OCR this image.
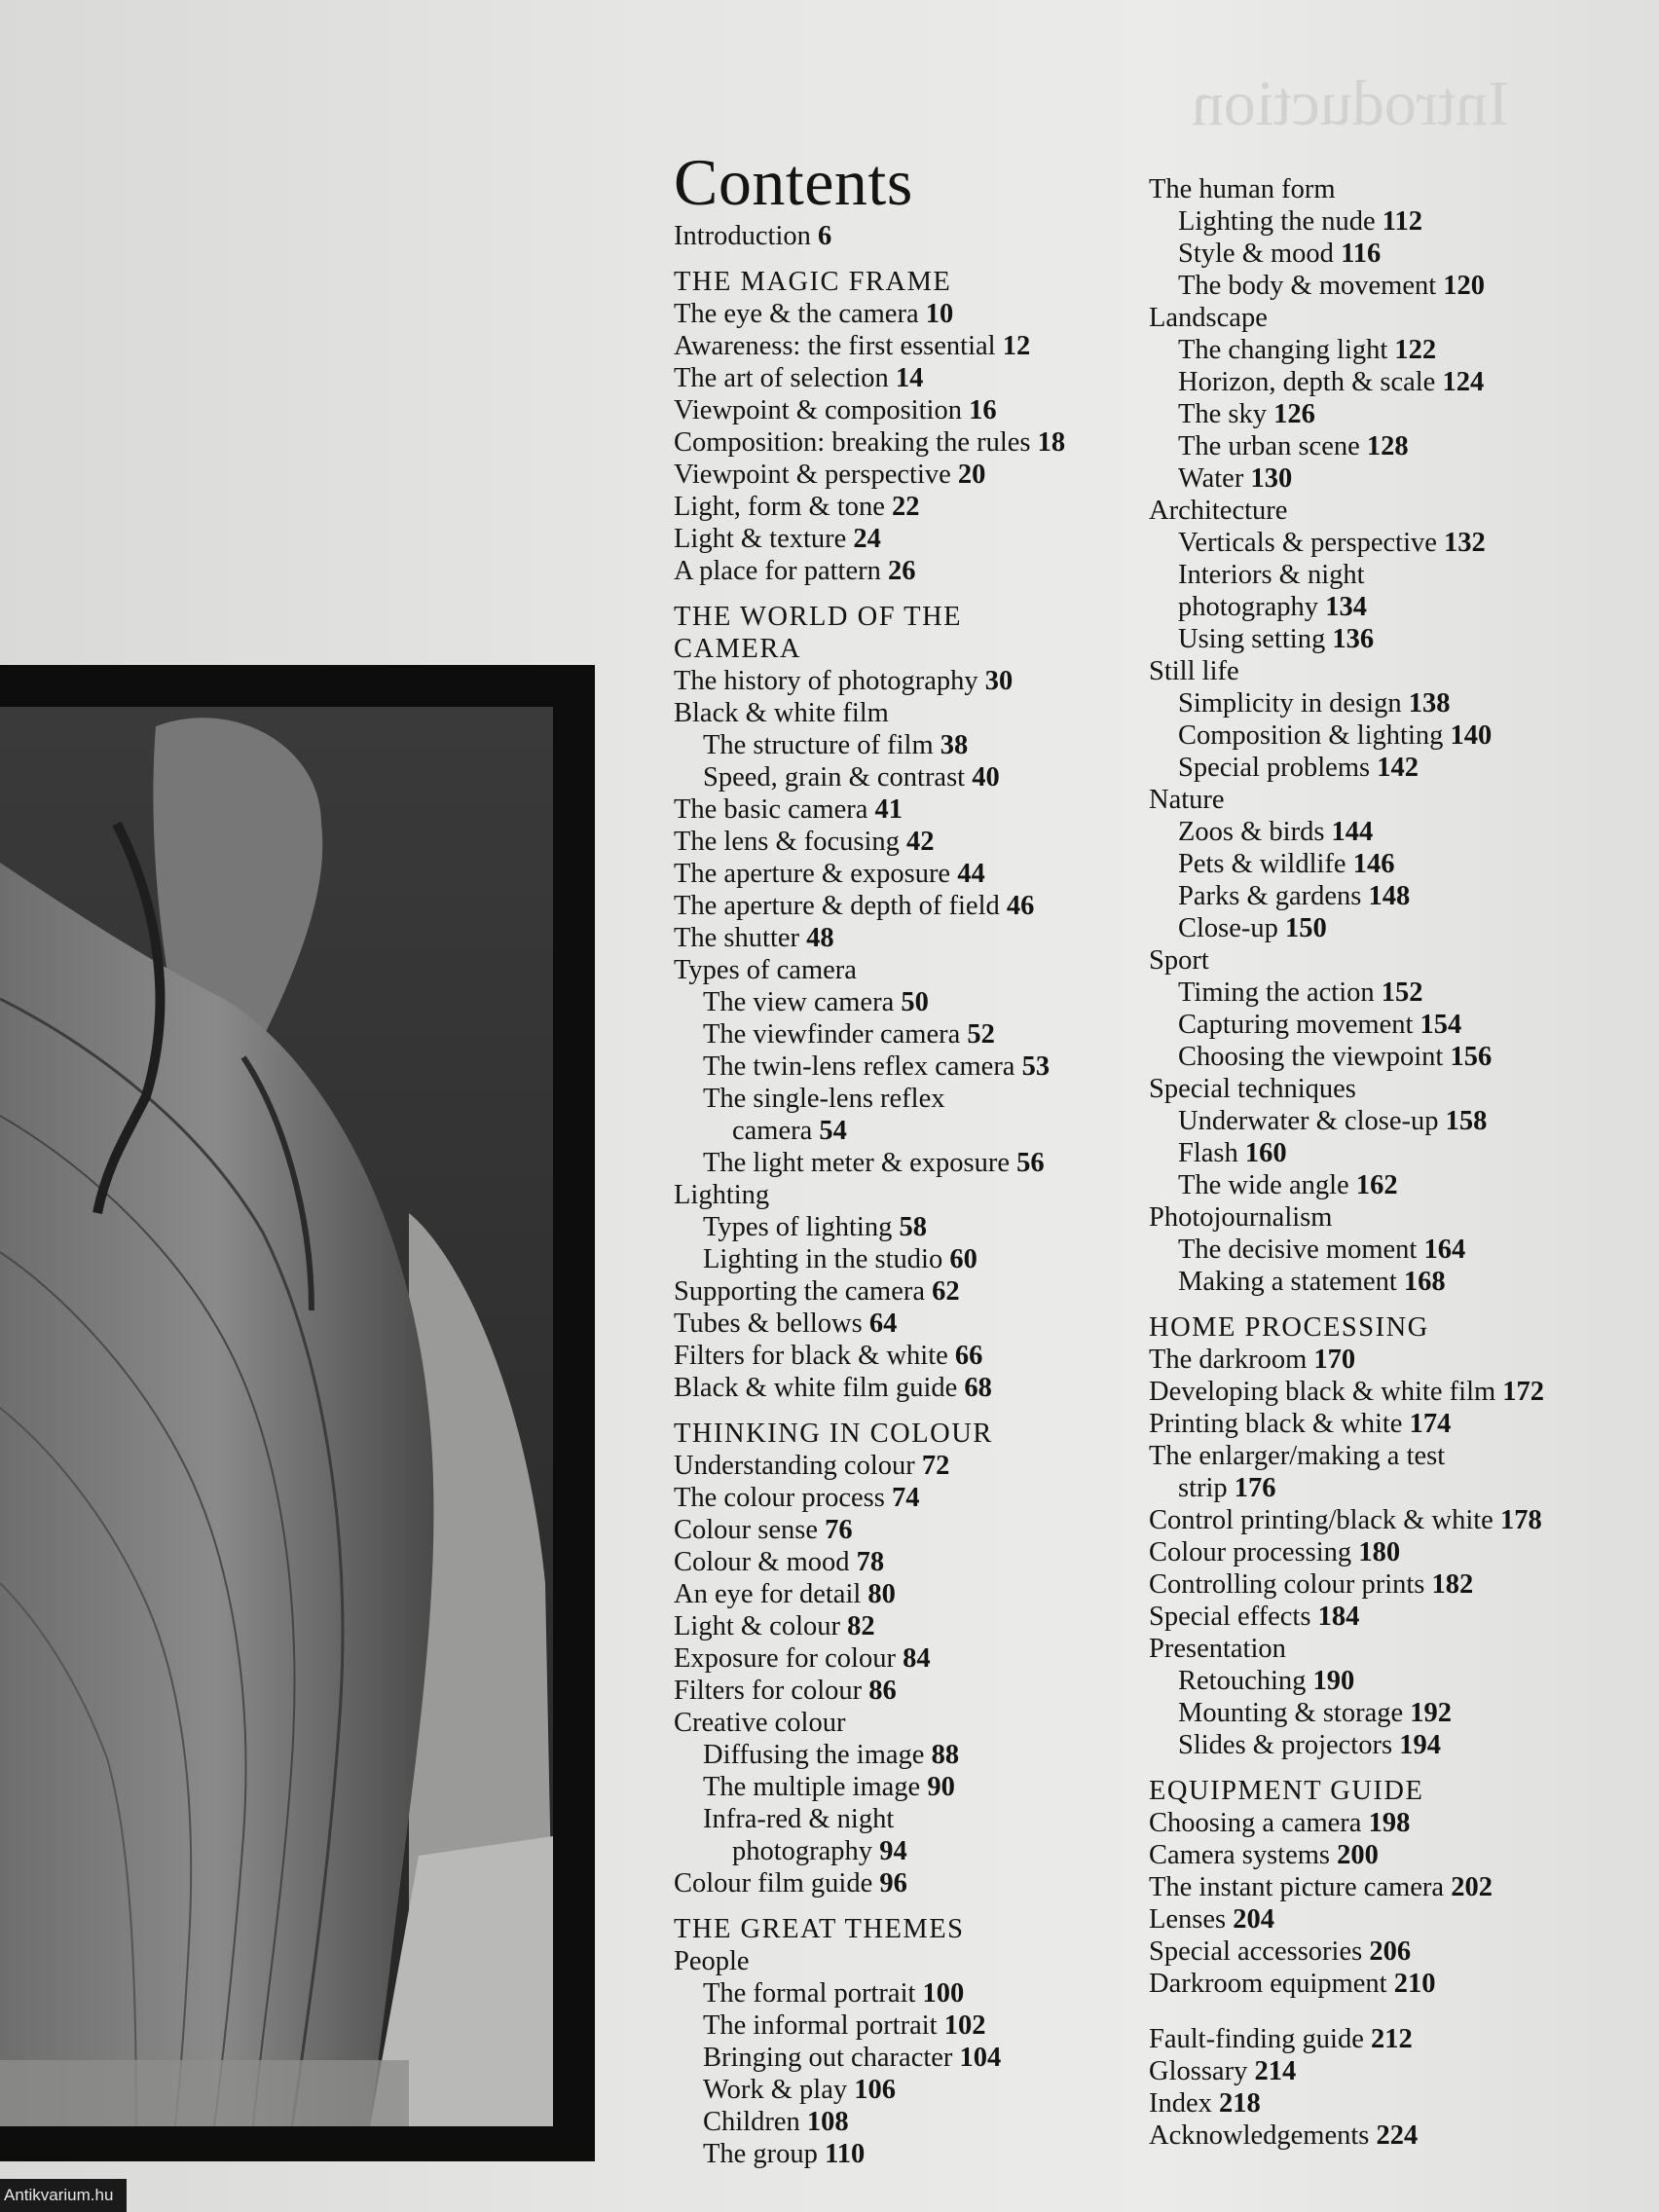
Introduction
Contents
Introduction 6
THE MAGIC FRAME
The eye & the camera 10
Awareness: the first essential 12
The art of selection 14
Viewpoint & composition 16
Composition: breaking the rules 18
Viewpoint & perspective 20
Light, form & tone 22
Light & texture 24
A place for pattern 26
THE WORLD OF THE
CAMERA
The history of photography 30
Black & white film
The structure of film 38
Speed, grain & contrast 40
The basic camera 41
The lens & focusing 42
The aperture & exposure 44
The aperture & depth of field 46
The shutter 48
Types of camera
The view camera 50
The viewfinder camera 52
The twin-lens reflex camera 53
The single-lens reflex
camera 54
The light meter & exposure 56
Lighting
Types of lighting 58
Lighting in the studio 60
Supporting the camera 62
Tubes & bellows 64
Filters for black & white 66
Black & white film guide 68
THINKING IN COLOUR
Understanding colour 72
The colour process 74
Colour sense 76
Colour & mood 78
An eye for detail 80
Light & colour 82
Exposure for colour 84
Filters for colour 86
Creative colour
Diffusing the image 88
The multiple image 90
Infra-red & night
photography 94
Colour film guide 96
THE GREAT THEMES
People
The formal portrait 100
The informal portrait 102
Bringing out character 104
Work & play 106
Children 108
The group 110
The human form
Lighting the nude 112
Style & mood 116
The body & movement 120
Landscape
The changing light 122
Horizon, depth & scale 124
The sky 126
The urban scene 128
Water 130
Architecture
Verticals & perspective 132
Interiors & night
photography 134
Using setting 136
Still life
Simplicity in design 138
Composition & lighting 140
Special problems 142
Nature
Zoos & birds 144
Pets & wildlife 146
Parks & gardens 148
Close-up 150
Sport
Timing the action 152
Capturing movement 154
Choosing the viewpoint 156
Special techniques
Underwater & close-up 158
Flash 160
The wide angle 162
Photojournalism
The decisive moment 164
Making a statement 168
HOME PROCESSING
The darkroom 170
Developing black & white film 172
Printing black & white 174
The enlarger/making a test
strip 176
Control printing/black & white 178
Colour processing 180
Controlling colour prints 182
Special effects 184
Presentation
Retouching 190
Mounting & storage 192
Slides & projectors 194
EQUIPMENT GUIDE
Choosing a camera 198
Camera systems 200
The instant picture camera 202
Lenses 204
Special accessories 206
Darkroom equipment 210
Fault-finding guide 212
Glossary 214
Index 218
Acknowledgements 224
Antikvarium.hu
